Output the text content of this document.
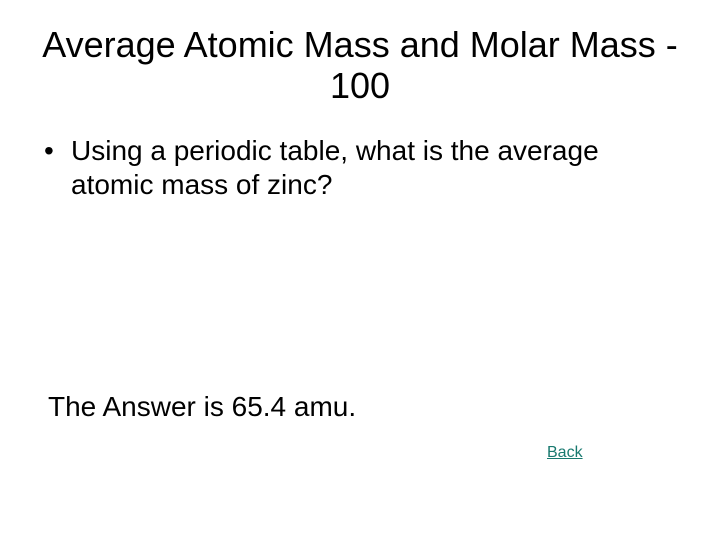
Average Atomic Mass and Molar Mass - 100
• Using a periodic table, what is the average atomic mass of zinc?

The Answer is 65.4 amu.

Back
